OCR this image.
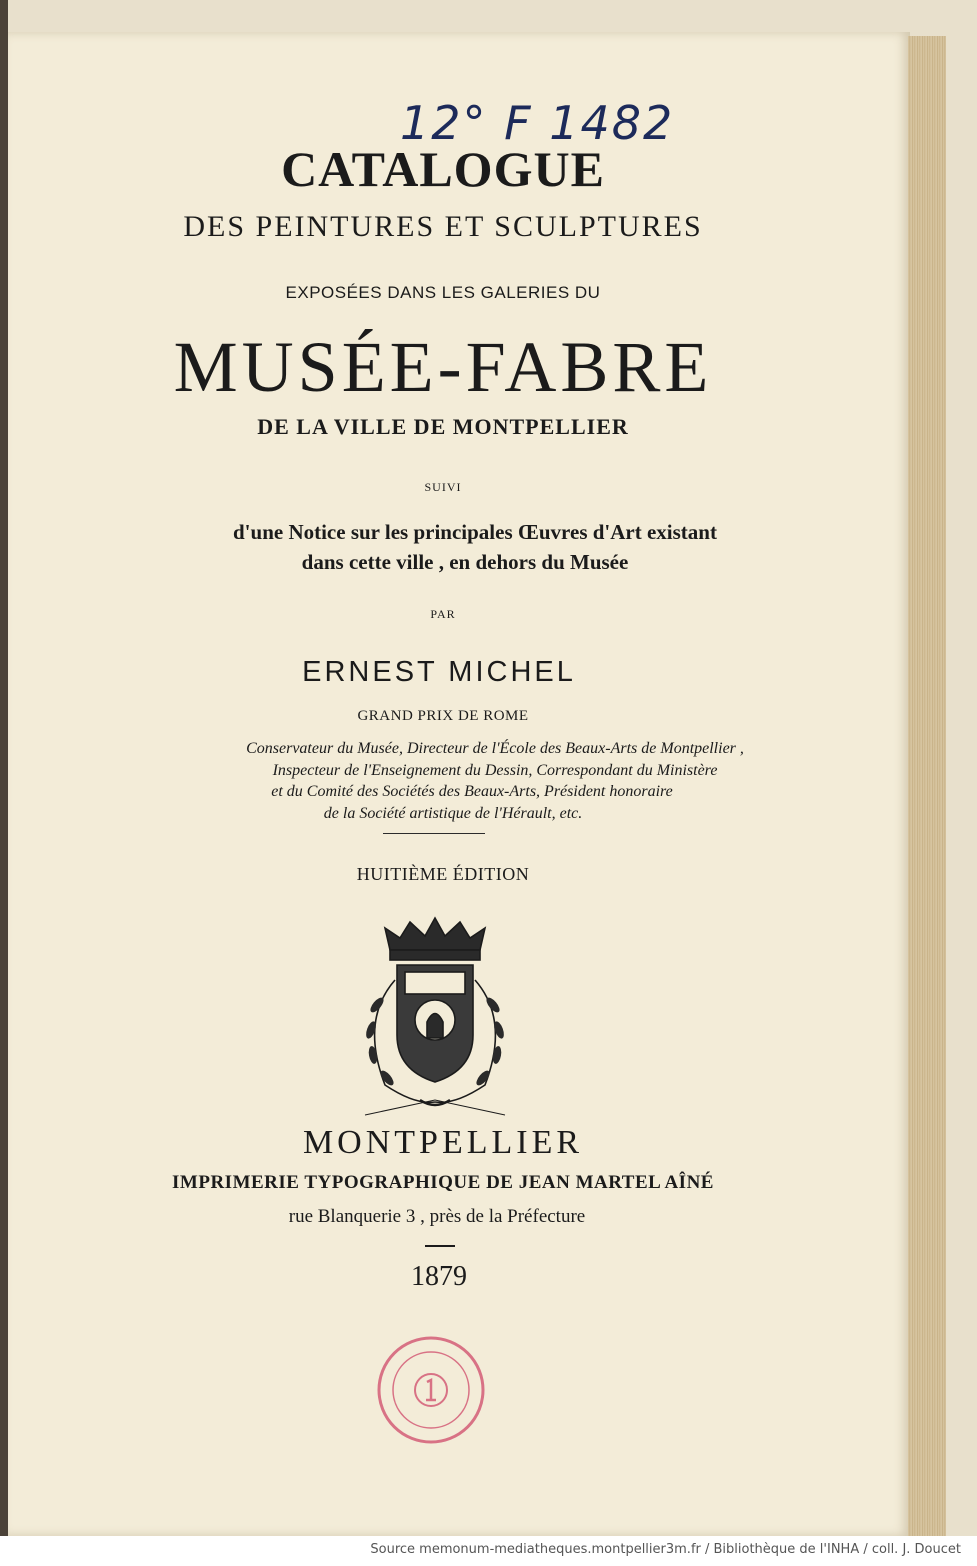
12° F 1482
CATALOGUE
DES PEINTURES ET SCULPTURES
EXPOSÉES DANS LES GALERIES DU
MUSÉE-FABRE
DE LA VILLE DE MONTPELLIER
SUIVI
d'une Notice sur les principales Œuvres d'Art existant
dans cette ville , en dehors du Musée
PAR
ERNEST MICHEL
GRAND PRIX DE ROME
Conservateur du Musée, Directeur de l'École des Beaux-Arts de Montpellier ,
Inspecteur de l'Enseignement du Dessin, Correspondant du Ministère
et du Comité des Sociétés des Beaux-Arts, Président honoraire
de la Société artistique de l'Hérault, etc.
HUITIÈME ÉDITION
MONTPELLIER
IMPRIMERIE TYPOGRAPHIQUE DE JEAN MARTEL AÎNÉ
rue Blanquerie 3 , près de la Préfecture
1879
Source memonum-mediatheques.montpellier3m.fr / Bibliothèque de l'INHA / coll. J. Doucet
